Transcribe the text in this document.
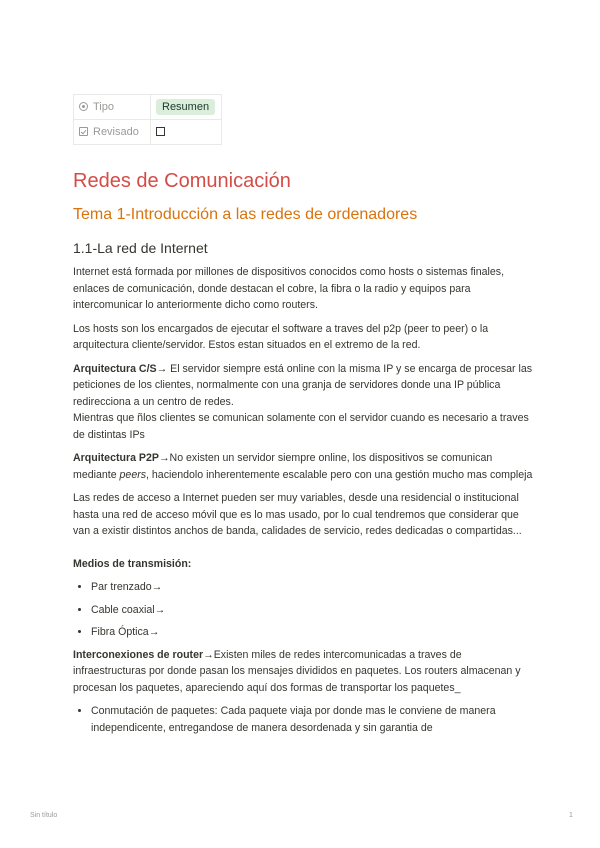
Tipo	Resumen
Revisado	
Redes de Comunicación
Tema 1-Introducción a las redes de ordenadores
1.1-La red de Internet

Internet está formada por millones de dispositivos conocidos como hosts o sistemas finales, enlaces de comunicación, donde destacan el cobre, la fibra o la radio y equipos para intercomunicar lo anteriormente dicho como routers.

Los hosts son los encargados de ejecutar el software a traves del p2p (peer to peer) o la arquitectura cliente/servidor. Estos estan situados en el extremo de la red.

Arquitectura C/S→ El servidor siempre está online con la misma IP y se encarga de procesar las peticiones de los clientes, normalmente con una granja de servidores donde una IP pública redirecciona a un centro de redes.
Mientras que ñlos clientes se comunican solamente con el servidor cuando es necesario a traves de distintas IPs

Arquitectura P2P→No existen un servidor siempre online, los dispositivos se comunican mediante peers, haciendolo inherentemente escalable pero con una gestión mucho mas compleja

Las redes de acceso a Internet pueden ser muy variables, desde una residencial o institucional hasta una red de acceso móvil que es lo mas usado, por lo cual tendremos que considerar que van a existir distintos anchos de banda, calidades de servicio, redes dedicadas o compartidas...

Medios de transmisión:

• Par trenzado→
• Cable coaxial→
• Fibra Óptica→

Interconexiones de router→Existen miles de redes intercomunicadas a traves de infraestructuras por donde pasan los mensajes divididos en paquetes. Los routers almacenan y procesan los paquetes, apareciendo aquí dos formas de transportar los paquetes_

• Conmutación de paquetes: Cada paquete viaja por donde mas le conviene de manera independicente, entregandose de manera desordenada y sin garantia de
Sin título	1
